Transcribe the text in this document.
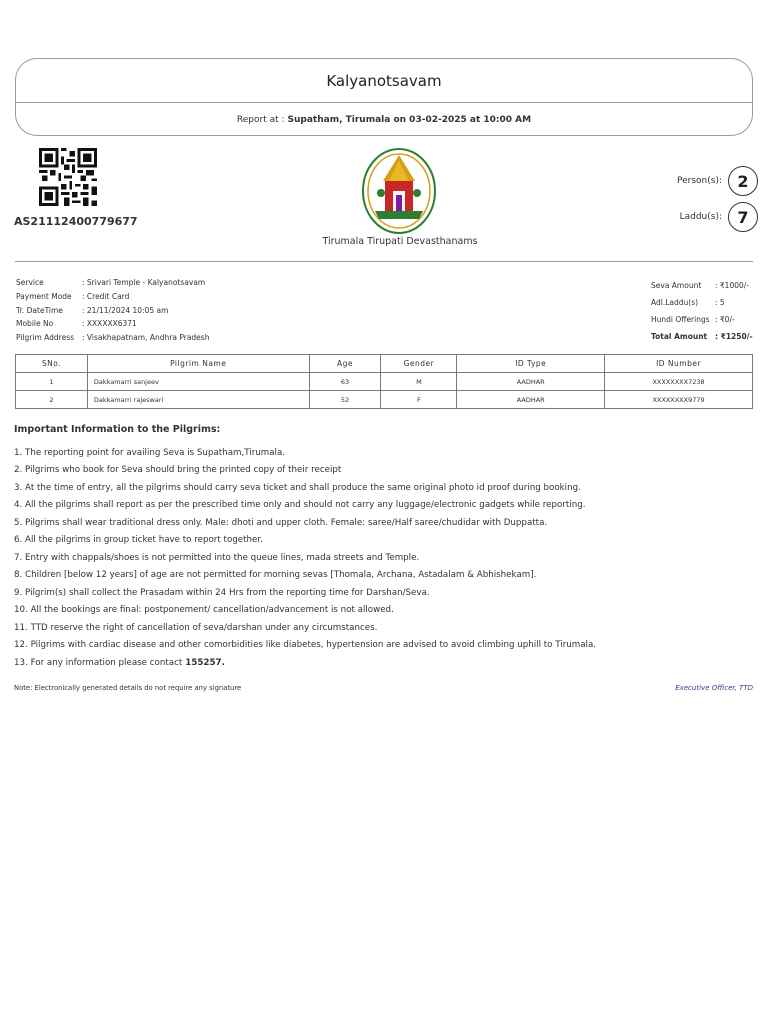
Kalyanotsavam
Report at : Supatham, Tirumala on 03-02-2025 at 10:00 AM
AS21112400779677
Tirumala Tirupati Devasthanams
Person(s): 2
Laddu(s): 7
Service	: Srivari Temple - Kalyanotsavam
Payment Mode	: Credit Card
Tr. DateTime	: 21/11/2024 10:05 am
Mobile No	: XXXXXX6371
Pilgrim Address	: Visakhapatnam, Andhra Pradesh
Seva Amount	: ₹1000/-
Adl.Laddu(s)	: 5
Hundi Offerings : ₹0/-
Total Amount	: ₹1250/-
SNo.	Pilgrim Name	Age	Gender	ID Type	ID Number
1	Dakkamarri sanjeev	63	M	AADHAR	XXXXXXXX7238
2	Dakkamarri rajeswari	52	F	AADHAR	XXXXXXXX9779
Important Information to the Pilgrims:
1. The reporting point for availing Seva is Supatham,Tirumala.
2. Pilgrims who book for Seva should bring the printed copy of their receipt
3. At the time of entry, all the pilgrims should carry seva ticket and shall produce the same original photo id proof during booking.
4. All the pilgrims shall report as per the prescribed time only and should not carry any luggage/electronic gadgets while reporting.
5. Pilgrims shall wear traditional dress only. Male: dhoti and upper cloth. Female: saree/Half saree/chudidar with Duppatta.
6. All the pilgrims in group ticket have to report together.
7. Entry with chappals/shoes is not permitted into the queue lines, mada streets and Temple.
8. Children [below 12 years] of age are not permitted for morning sevas [Thomala, Archana, Astadalam & Abhishekam].
9. Pilgrim(s) shall collect the Prasadam within 24 Hrs from the reporting time for Darshan/Seva.
10. All the bookings are final: postponement/ cancellation/advancement is not allowed.
11. TTD reserve the right of cancellation of seva/darshan under any circumstances.
12. Pilgrims with cardiac disease and other comorbidities like diabetes, hypertension are advised to avoid climbing uphill to Tirumala.
13. For any information please contact 155257.
Note: Electronically generated details do not require any signature	Executive Officer, TTD
